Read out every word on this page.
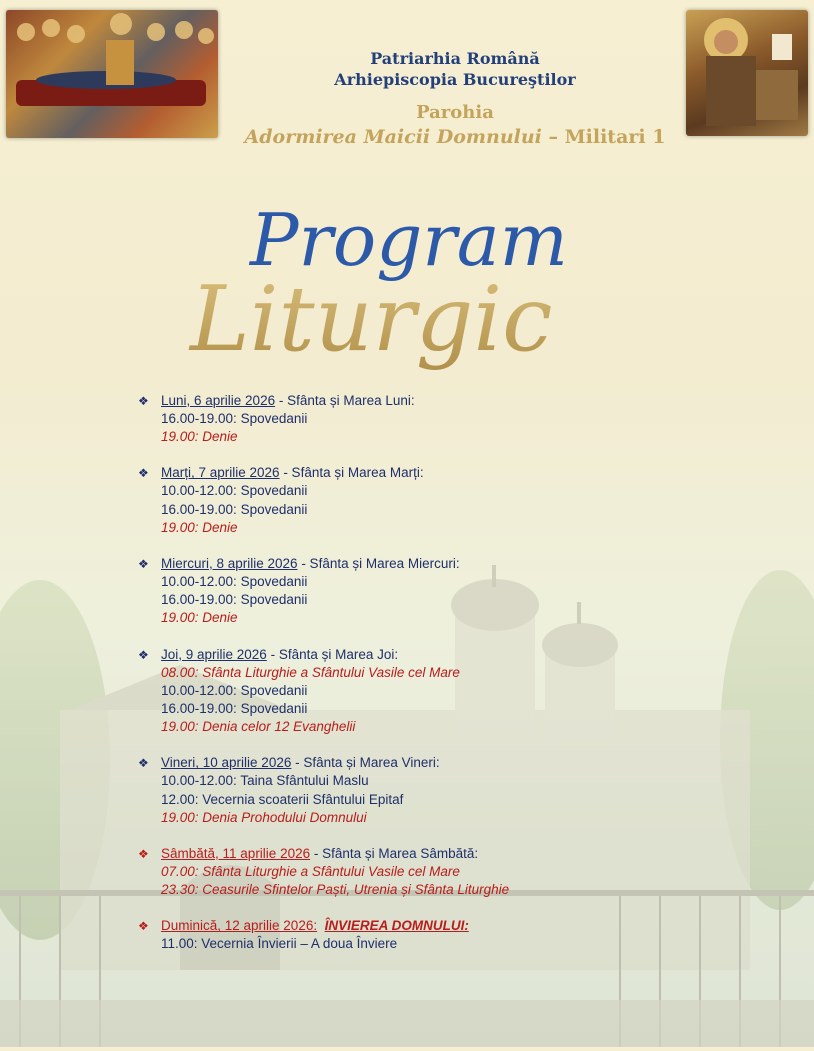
Patriarhia Română
Arhiepiscopia Bucureştilor
Parohia
Adormirea Maicii Domnului – Militari 1
Program
Liturgic
❖ Luni, 6 aprilie 2026 - Sfânta și Marea Luni:
16.00-19.00: Spovedanii
19.00: Denie
❖ Marți, 7 aprilie 2026 - Sfânta și Marea Marți:
10.00-12.00: Spovedanii
16.00-19.00: Spovedanii
19.00: Denie
❖ Miercuri, 8 aprilie 2026 - Sfânta și Marea Miercuri:
10.00-12.00: Spovedanii
16.00-19.00: Spovedanii
19.00: Denie
❖ Joi, 9 aprilie 2026 - Sfânta și Marea Joi:
08.00: Sfânta Liturghie a Sfântului Vasile cel Mare
10.00-12.00: Spovedanii
16.00-19.00: Spovedanii
19.00: Denia celor 12 Evanghelii
❖ Vineri, 10 aprilie 2026 - Sfânta și Marea Vineri:
10.00-12.00: Taina Sfântului Maslu
12.00: Vecernia scoaterii Sfântului Epitaf
19.00: Denia Prohodului Domnului
❖ Sâmbătă, 11 aprilie 2026 - Sfânta și Marea Sâmbătă:
07.00: Sfânta Liturghie a Sfântului Vasile cel Mare
23.30: Ceasurile Sfintelor Paști, Utrenia și Sfânta Liturghie
❖ Duminică, 12 aprilie 2026: ÎNVIEREA DOMNULUI:
11.00: Vecernia Învierii – A doua Înviere
